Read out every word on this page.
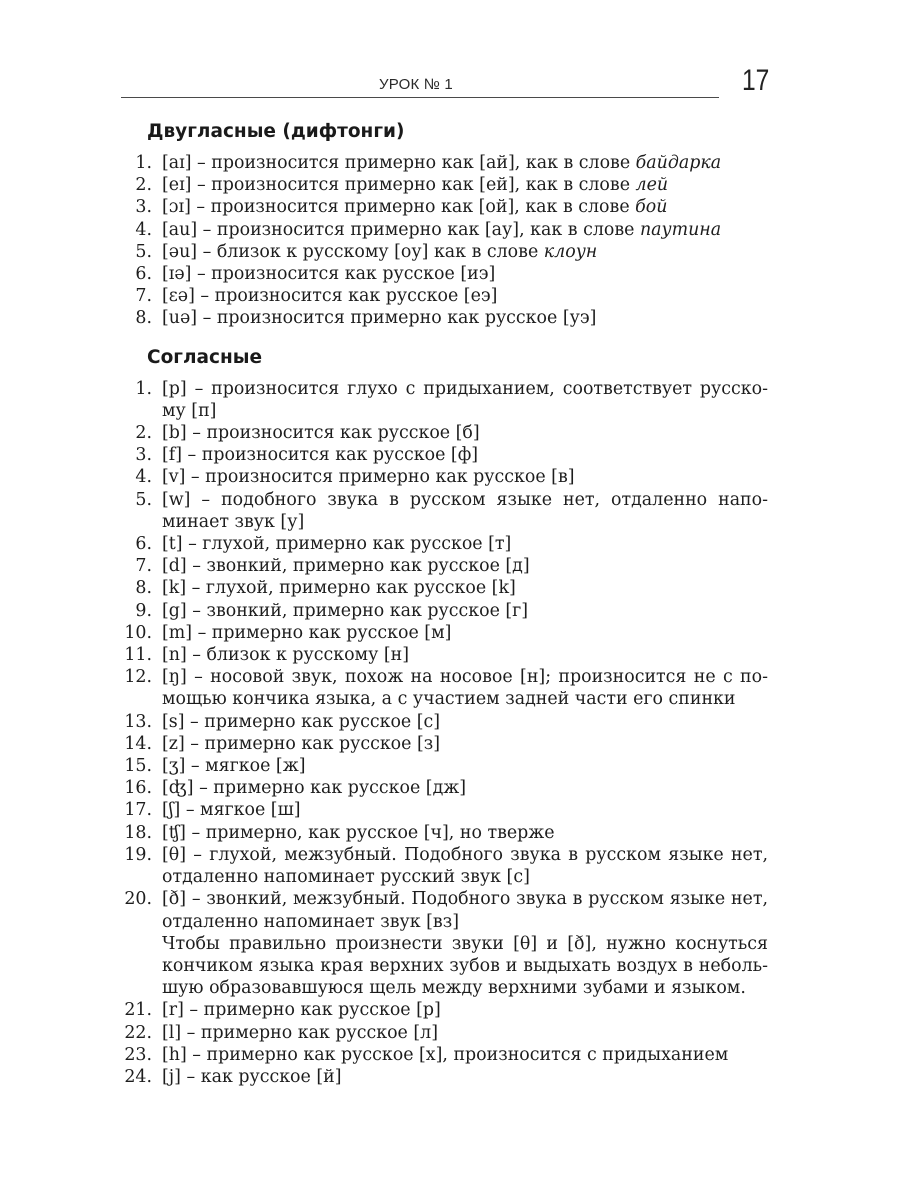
УРОК № 1	17
Двугласные (дифтонги)
1. [aɪ] – произносится примерно как [ай], как в слове байдарка
2. [eɪ] – произносится примерно как [ей], как в слове лей
3. [ɔɪ] – произносится примерно как [ой], как в слове бой
4. [au] – произносится примерно как [ау], как в слове паутина
5. [əu] – близок к русскому [оу] как в слове клоун
6. [ɪə] – произносится как русское [иэ]
7. [ɛə] – произносится как русское [еэ]
8. [uə] – произносится примерно как русское [уэ]
Согласные
1. [p] – произносится глухо с придыханием, соответствует русско-му [п]
2. [b] – произносится как русское [б]
3. [f] – произносится как русское [ф]
4. [v] – произносится примерно как русское [в]
5. [w] – подобного звука в русском языке нет, отдаленно напо-минает звук [у]
6. [t] – глухой, примерно как русское [т]
7. [d] – звонкий, примерно как русское [д]
8. [k] – глухой, примерно как русское [k]
9. [g] – звонкий, примерно как русское [г]
10. [m] – примерно как русское [м]
11. [n] – близок к русскому [н]
12. [ŋ] – носовой звук, похож на носовое [н]; произносится не с по-мощью кончика языка, а с участием задней части его спинки
13. [s] – примерно как русское [с]
14. [z] – примерно как русское [з]
15. [ʒ] – мягкое [ж]
16. [ʤ] – примерно как русское [дж]
17. [ʃ] – мягкое [ш]
18. [ʧ] – примерно, как русское [ч], но тверже
19. [θ] – глухой, межзубный. Подобного звука в русском языке нет, отдаленно напоминает русский звук [с]
20. [ð] – звонкий, межзубный. Подобного звука в русском языке нет, отдаленно напоминает звук [вз]
Чтобы правильно произнести звуки [θ] и [ð], нужно коснуться кончиком языка края верхних зубов и выдыхать воздух в неболь-шую образовавшуюся щель между верхними зубами и языком.
21. [r] – примерно как русское [р]
22. [l] – примерно как русское [л]
23. [h] – примерно как русское [х], произносится с придыханием
24. [j] – как русское [й]
